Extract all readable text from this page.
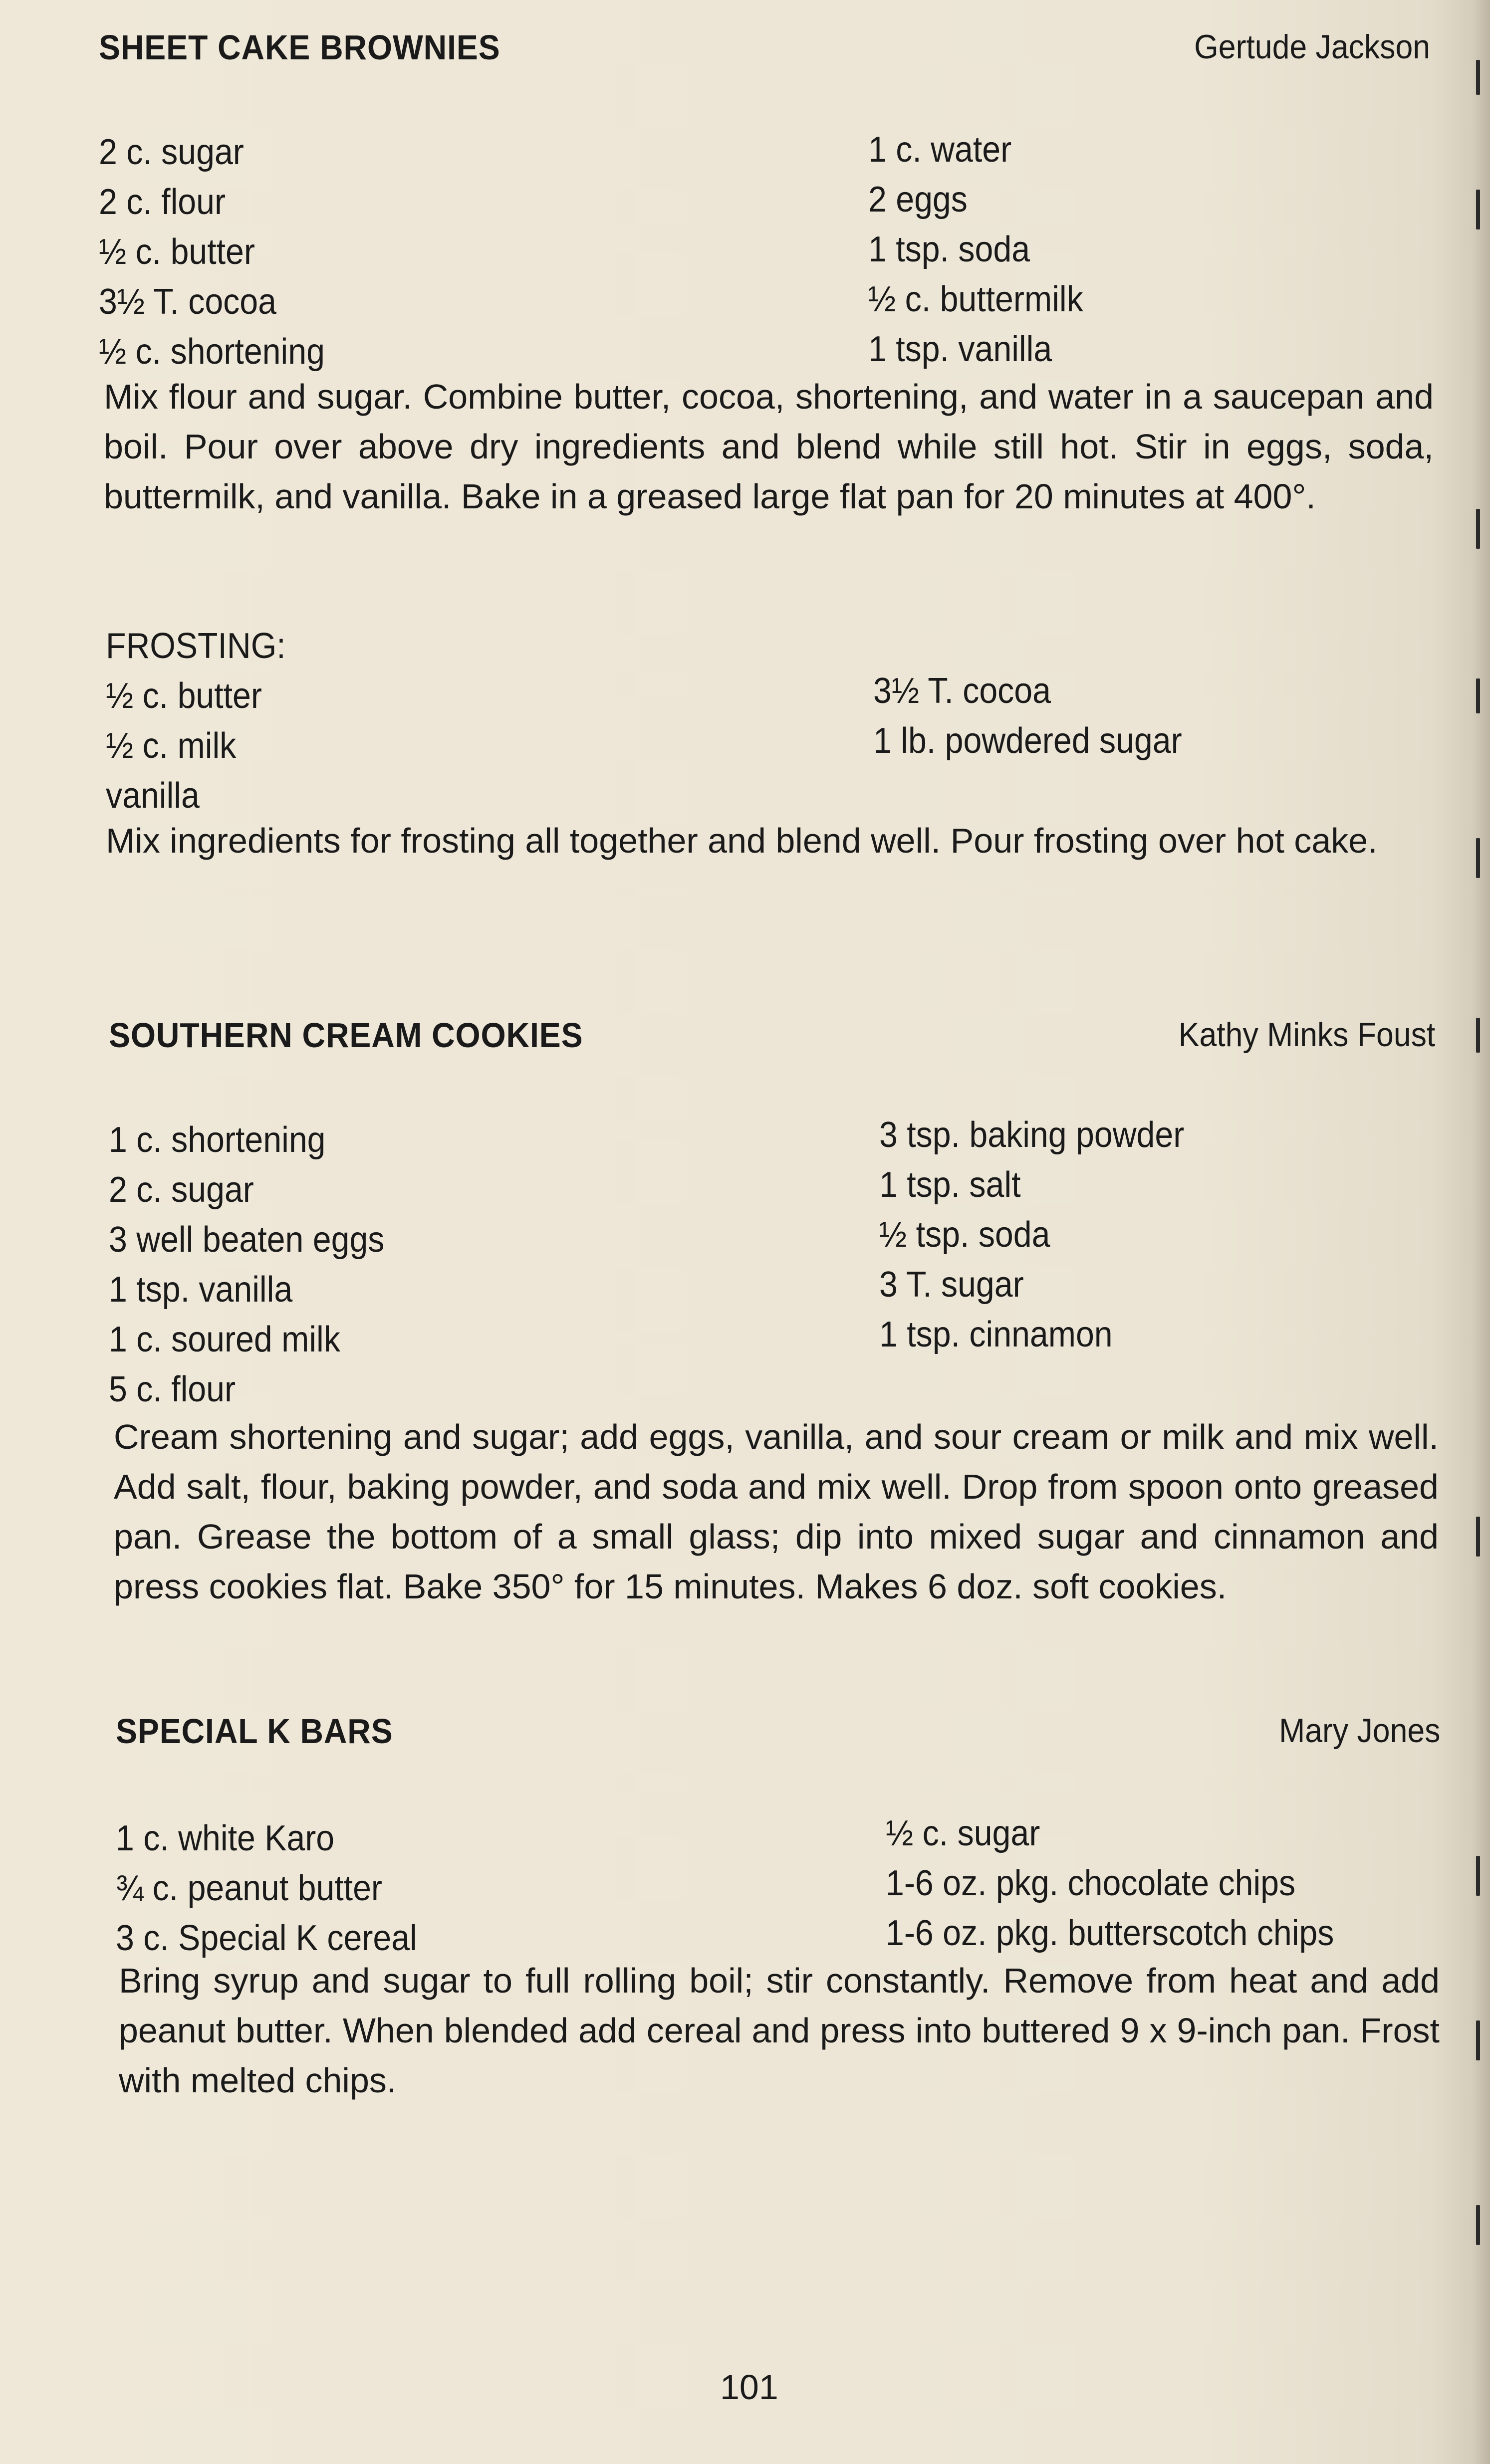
SHEET CAKE BROWNIES	Gertude Jackson
2 c. sugar
2 c. flour
½ c. butter
3½ T. cocoa
½ c. shortening
1 c. water
2 eggs
1 tsp. soda
½ c. buttermilk
1 tsp. vanilla
Mix flour and sugar. Combine butter, cocoa, shortening, and water in a saucepan and boil. Pour over above dry ingredients and blend while still hot. Stir in eggs, soda, buttermilk, and vanilla. Bake in a greased large flat pan for 20 minutes at 400°.
FROSTING:
½ c. butter
½ c. milk
vanilla
3½ T. cocoa
1 lb. powdered sugar
Mix ingredients for frosting all together and blend well. Pour frosting over hot cake.
SOUTHERN CREAM COOKIES	Kathy Minks Foust
1 c. shortening
2 c. sugar
3 well beaten eggs
1 tsp. vanilla
1 c. soured milk
5 c. flour
3 tsp. baking powder
1 tsp. salt
½ tsp. soda
3 T. sugar
1 tsp. cinnamon
Cream shortening and sugar; add eggs, vanilla, and sour cream or milk and mix well. Add salt, flour, baking powder, and soda and mix well. Drop from spoon onto greased pan. Grease the bottom of a small glass; dip into mixed sugar and cinnamon and press cookies flat. Bake 350° for 15 minutes. Makes 6 doz. soft cookies.
SPECIAL K BARS	Mary Jones
1 c. white Karo
¾ c. peanut butter
3 c. Special K cereal
½ c. sugar
1-6 oz. pkg. chocolate chips
1-6 oz. pkg. butterscotch chips
Bring syrup and sugar to full rolling boil; stir constantly. Remove from heat and add peanut butter. When blended add cereal and press into buttered 9 x 9-inch pan. Frost with melted chips.
101
